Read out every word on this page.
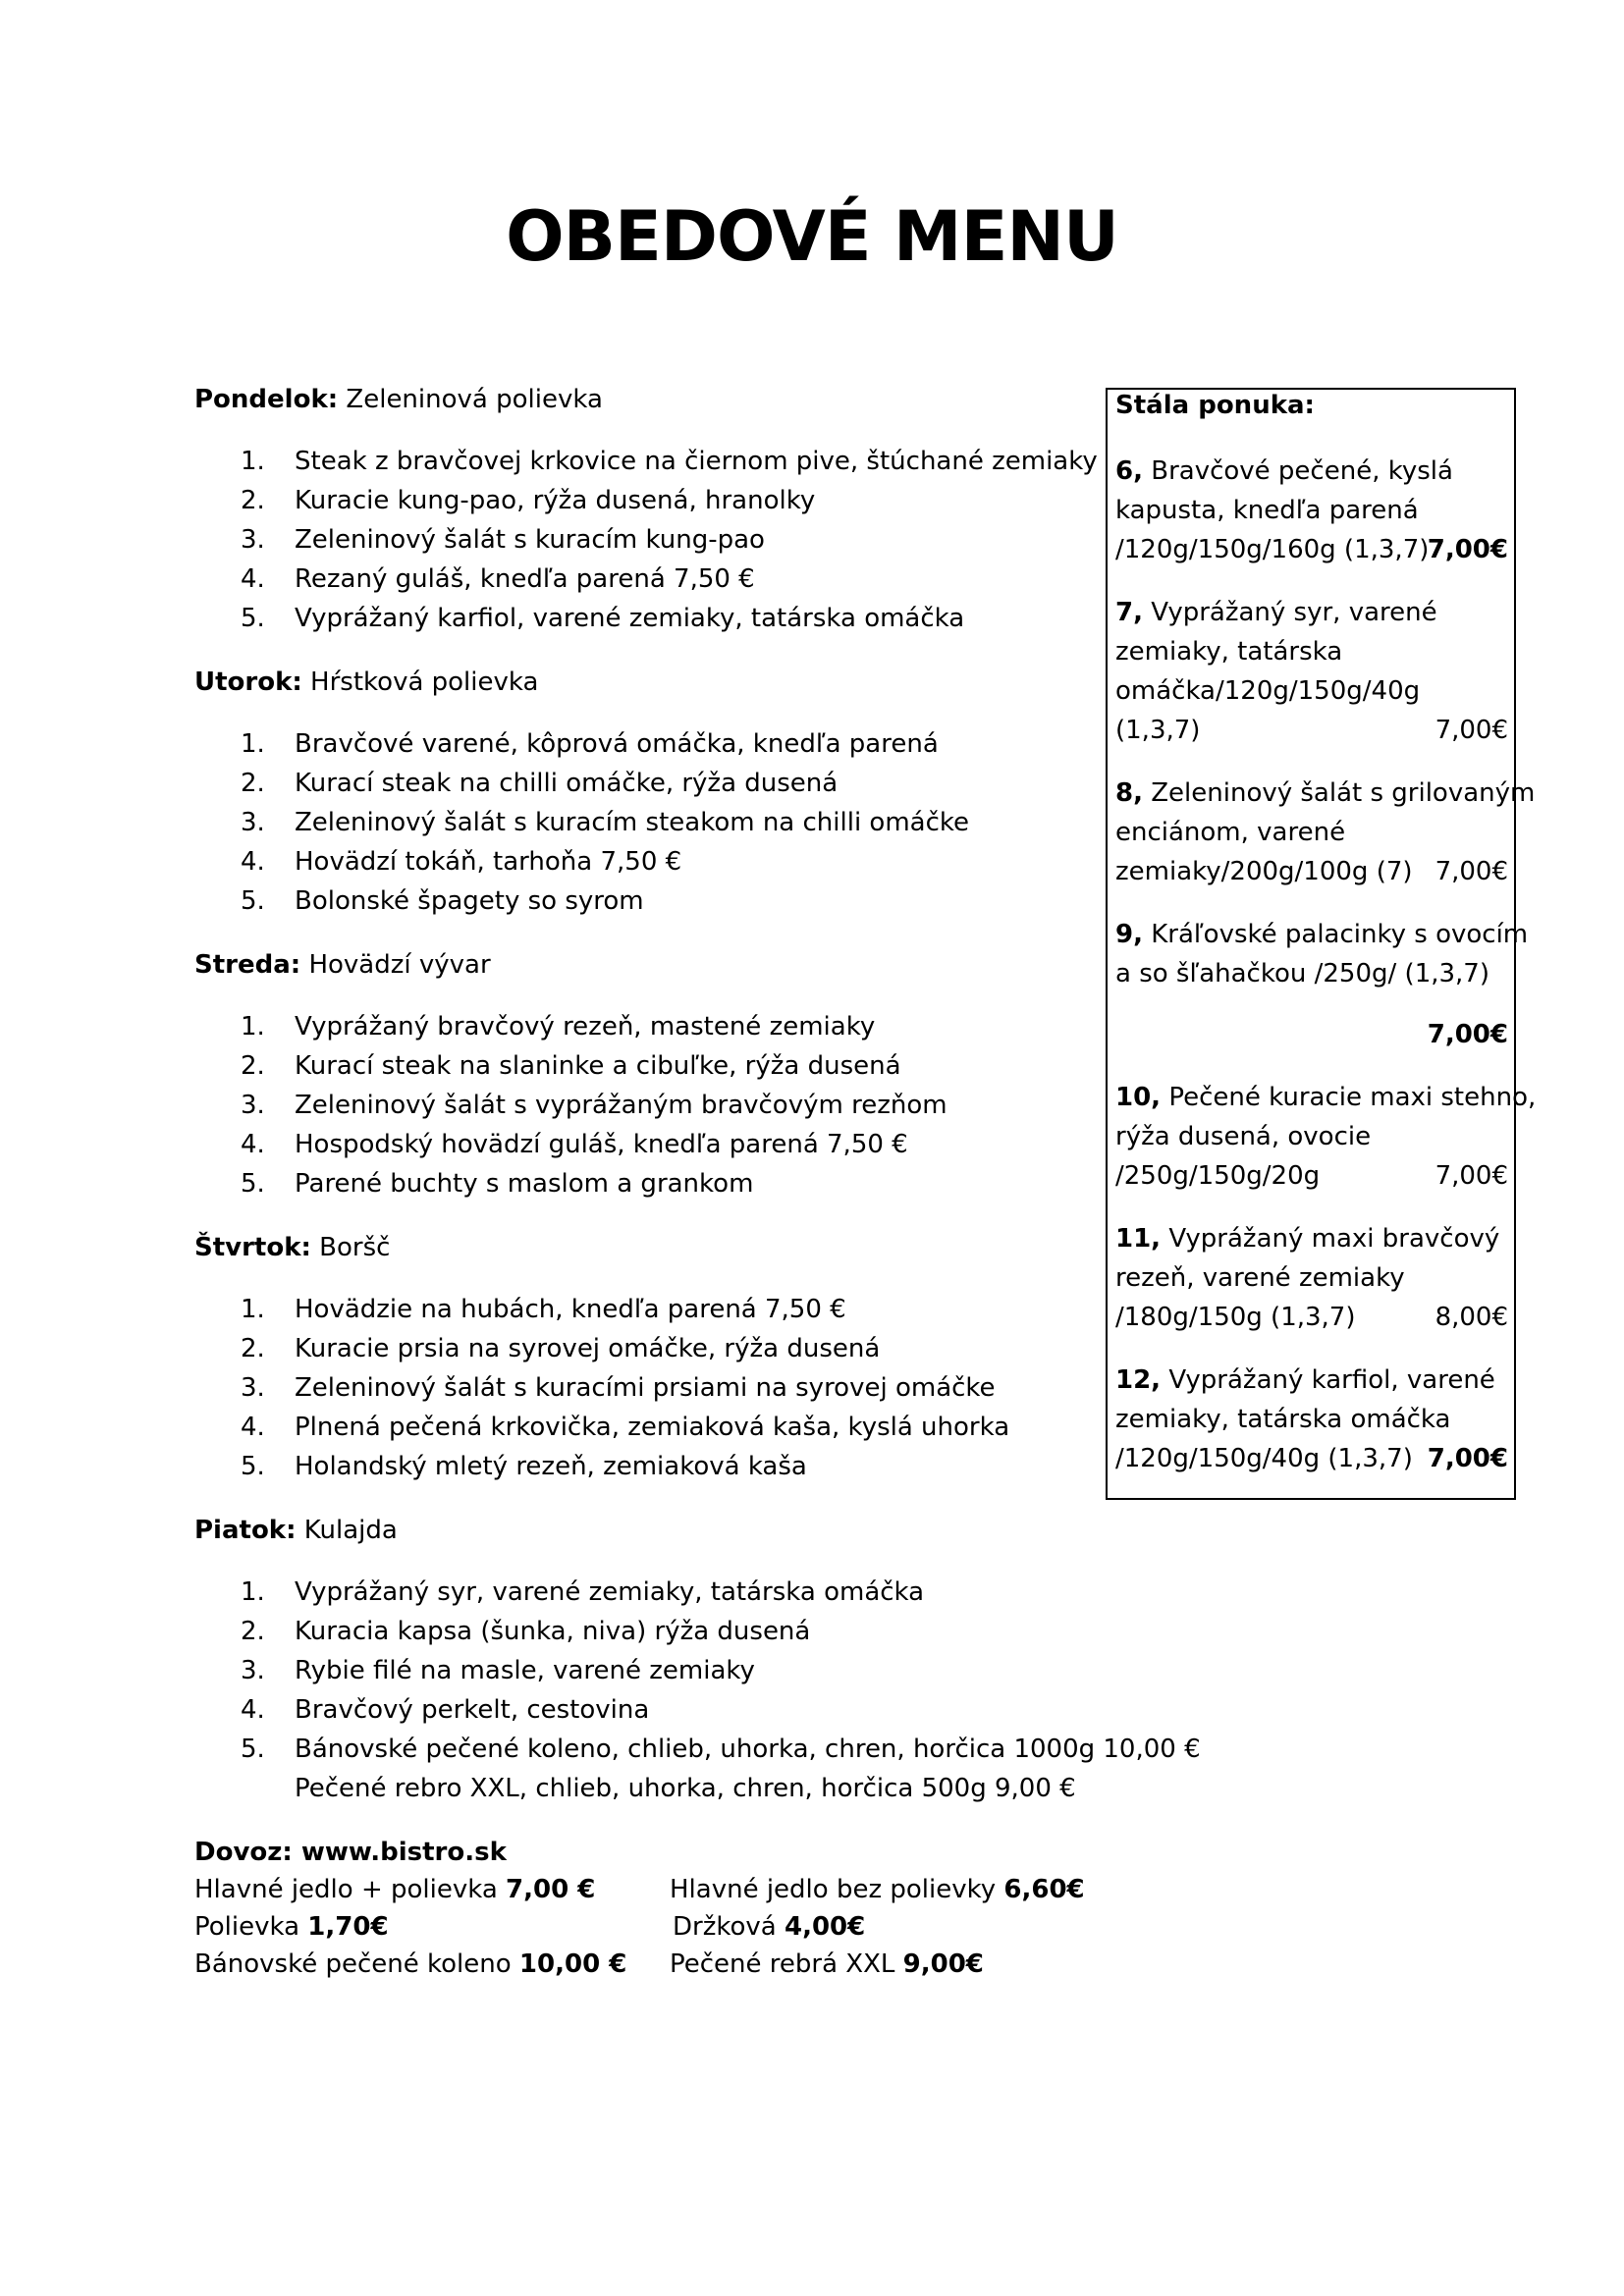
OBEDOVÉ MENU
Pondelok: Zeleninová polievka
1. Steak z bravčovej krkovice na čiernom pive, štúchané zemiaky
2. Kuracie kung-pao, rýža dusená, hranolky
3. Zeleninový šalát s kuracím kung-pao
4. Rezaný guláš, knedľa parená 7,50 €
5. Vyprážaný karfiol, varené zemiaky, tatárska omáčka
Utorok: Hŕstková polievka
1. Bravčové varené, kôprová omáčka, knedľa parená
2. Kurací steak na chilli omáčke, rýža dusená
3. Zeleninový šalát s kuracím steakom na chilli omáčke
4. Hovädzí tokáň, tarhoňa 7,50 €
5. Bolonské špagety so syrom
Streda: Hovädzí vývar
1. Vyprážaný bravčový rezeň, mastené zemiaky
2. Kurací steak na slaninke a cibuľke, rýža dusená
3. Zeleninový šalát s vyprážaným bravčovým rezňom
4. Hospodský hovädzí guláš, knedľa parená 7,50 €
5. Parené buchty s maslom a grankom
Štvrtok: Boršč
1. Hovädzie na hubách, knedľa parená 7,50 €
2. Kuracie prsia na syrovej omáčke, rýža dusená
3. Zeleninový šalát s kuracími prsiami na syrovej omáčke
4. Plnená pečená krkovička, zemiaková kaša, kyslá uhorka
5. Holandský mletý rezeň, zemiaková kaša
Piatok: Kulajda
1. Vyprážaný syr, varené zemiaky, tatárska omáčka
2. Kuracia kapsa (šunka, niva) rýža dusená
3. Rybie filé na masle, varené zemiaky
4. Bravčový perkelt, cestovina
5. Bánovské pečené koleno, chlieb, uhorka, chren, horčica 1000g 10,00 €
Pečené rebro XXL, chlieb, uhorka, chren, horčica 500g 9,00 €
Stála ponuka:
6, Bravčové pečené, kyslá
kapusta, knedľa parená
/120g/150g/160g (1,3,7)
7,00€
7, Vyprážaný syr, varené
zemiaky, tatárska
omáčka/120g/150g/40g
(1,3,7)	7,00€
8, Zeleninový šalát s grilovaným
enciánom, varené
zemiaky/200g/100g (7) 7,00€
9, Kráľovské palacinky s ovocím
a so šľahačkou /250g/ (1,3,7)
7,00€
10, Pečené kuracie maxi stehno,
rýža dusená, ovocie
/250g/150g/20g	7,00€
11, Vyprážaný maxi bravčový
rezeň, varené zemiaky
/180g/150g (1,3,7)	8,00€
12, Vyprážaný karfiol, varené
zemiaky, tatárska omáčka
/120g/150g/40g (1,3,7) 7,00€
Dovoz: www.bistro.sk
Hlavné jedlo + polievka 7,00 €	Hlavné jedlo bez polievky 6,60€
Polievka 1,70€	Držková 4,00€
Bánovské pečené koleno 10,00 € Pečené rebrá XXL 9,00€
